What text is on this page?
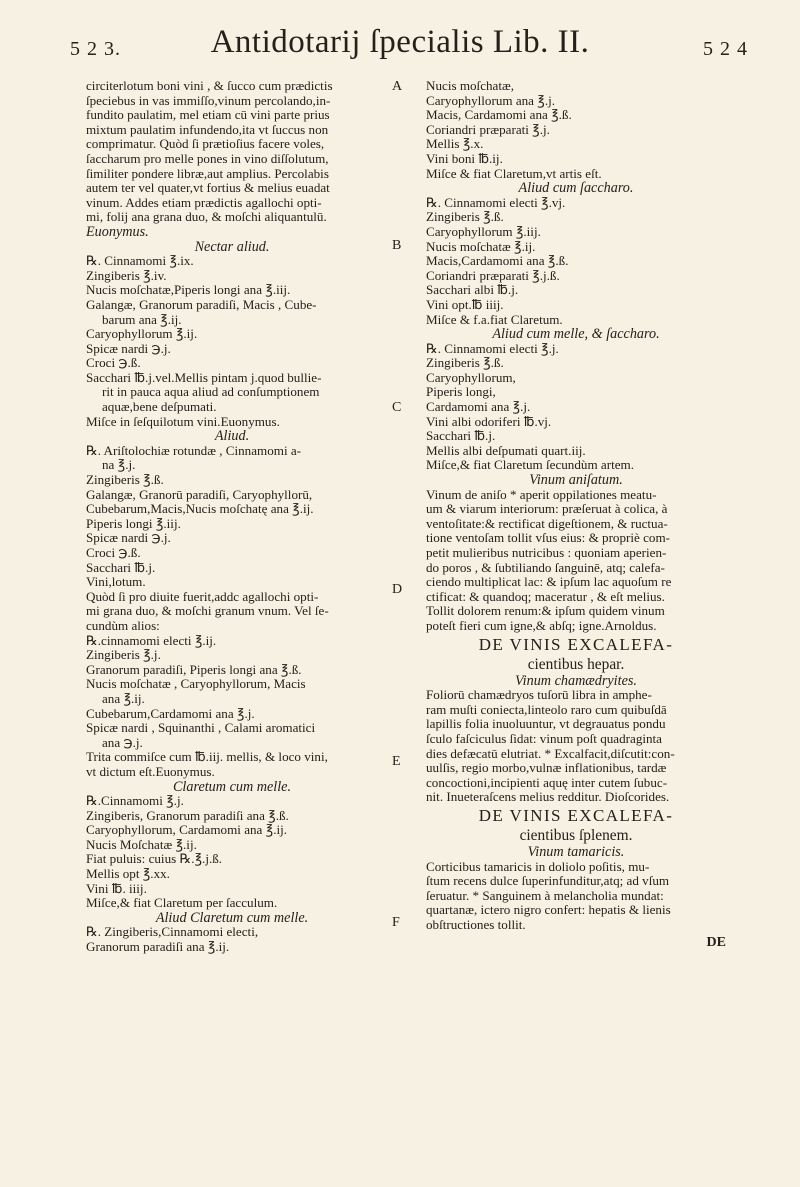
5 2 3.	Antidotarij ſpecialis Lib. II.	5 2 4
A
B
C
D
E
F
circiterlotum boni vini , & ſucco cum prædictis
ſpeciebus in vas immiſſo,vinum percolando,in-
fundito paulatim, mel etiam cū vini parte prius
mixtum paulatim infundendo,ita vt ſuccus non
comprimatur. Quòd ſi prætioſius facere voles,
ſaccharum pro melle pones in vino diſſolutum,
ſimiliter pondere libræ,aut amplius. Percolabis
autem ter vel quater,vt fortius & melius euadat
vinum. Addes etiam prædictis agallochi opti-
mi, folij ana grana duo, & moſchi aliquantulū.
Euonymus.
Nectar aliud.
℞. Cinnamomi ℥.ix.
Zingiberis ℥.iv.
Nucis moſchatæ,Piperis longi ana ℥.iij.
Galangæ, Granorum paradiſi, Macis , Cube-
barum ana ℥.ij.
Caryophyllorum ℥.ij.
Spicæ nardi ℈.j.
Croci ℈.ß.
Sacchari ℔.j.vel.Mellis pintam j.quod bullie-
rit in pauca aqua aliud ad conſumptionem
aquæ,bene deſpumati.
Miſce in ſeſquilotum vini.Euonymus.
Aliud.
℞. Ariſtolochiæ rotundæ , Cinnamomi a-
na ℥.j.
Zingiberis ℥.ß.
Galangæ, Granorū paradiſi, Caryophyllorū,
Cubebarum,Macis,Nucis moſchatę ana ℥.ij.
Piperis longi ℥.iij.
Spicæ nardi ℈.j.
Croci ℈.ß.
Sacchari ℔.j.
Vini,lotum.
Quòd ſi pro diuite fuerit,addc agallochi opti-
mi grana duo, & moſchi granum vnum. Vel ſe-
cundùm alios:
℞.cinnamomi electi ℥.ij.
Zingiberis ℥.j.
Granorum paradiſi, Piperis longi ana ℥.ß.
Nucis moſchatæ , Caryophyllorum, Macis
ana ℥.ij.
Cubebarum,Cardamomi ana ℥.j.
Spicæ nardi , Squinanthi , Calami aromatici
ana ℈.j.
Trita commiſce cum ℔.iij. mellis, & loco vini,
vt dictum eſt.Euonymus.
Claretum cum melle.
℞.Cinnamomi ℥.j.
Zingiberis, Granorum paradiſi ana ℥.ß.
Caryophyllorum, Cardamomi ana ℥.ij.
Nucis Moſchatæ ℥.ij.
Fiat puluis: cuius ℞.℥.j.ß.
Mellis opt ℥.xx.
Vini ℔. iiij.
Miſce,& fiat Claretum per ſacculum.
Aliud Claretum cum melle.
℞. Zingiberis,Cinnamomi electi,
Granorum paradiſi ana ℥.ij.
Nucis moſchatæ,
Caryophyllorum ana ℥.j.
Macis, Cardamomi ana ℥.ß.
Coriandri præparati ℥.j.
Mellis ℥.x.
Vini boni ℔.ij.
Miſce & fiat Claretum,vt artis eſt.
Aliud cum ſaccharo.
℞. Cinnamomi electi ℥.vj.
Zingiberis ℥.ß.
Caryophyllorum ℥.iij.
Nucis moſchatæ ℥.ij.
Macis,Cardamomi ana ℥.ß.
Coriandri præparati ℥.j.ß.
Sacchari albi ℔.j.
Vini opt.℔ iiij.
Miſce & f.a.fiat Claretum.
Aliud cum melle, & ſaccharo.
℞. Cinnamomi electi ℥.j.
Zingiberis ℥.ß.
Caryophyllorum,
Piperis longi,
Cardamomi ana ℥.j.
Vini albi odoriferi ℔.vj.
Sacchari ℔.j.
Mellis albi deſpumati quart.iij.
Miſce,& fiat Claretum ſecundùm artem.
Vinum aniſatum.
Vinum de aniſo * aperit oppilationes meatu-
um & viarum interiorum: præſeruat à colica, à
ventoſitate:& rectificat digeſtionem, & ructua-
tione ventoſam tollit vſus eius: & propriè com-
petit mulieribus nutricibus : quoniam aperien-
do poros , & ſubtiliando ſanguinē, atq; calefa-
ciendo multiplicat lac: & ipſum lac aquoſum re
ctificat: & quandoq; maceratur , & eſt melius.
Tollit dolorem renum:& ipſum quidem vinum
poteſt fieri cum igne,& abſq; igne.Arnoldus.
DE VINIS EXCALEFA-
cientibus hepar.
Vinum chamædryites.
Foliorū chamædryos tuſorū libra in amphe-
ram muſti coniecta,linteolo raro cum quibuſdā
lapillis folia inuoluuntur, vt degrauatus pondu
ſculo faſciculus ſidat: vinum poſt quadraginta
dies defæcatū elutriat. * Excalfacit,diſcutit:con-
uulſis, regio morbo,vulnæ inflationibus, tardæ
concoctioni,incipienti aquę inter cutem ſubuc-
nit. Inueteraſcens melius redditur. Dioſcorides.
DE VINIS EXCALEFA-
cientibus ſplenem.
Vinum tamaricis.
Corticibus tamaricis in doliolo poſitis, mu-
ſtum recens dulce ſuperinfunditur,atq; ad vſum
ſeruatur. * Sanguinem à melancholia mundat:
quartanæ, ictero nigro confert: hepatis & lienis
obſtructiones tollit.
DE
